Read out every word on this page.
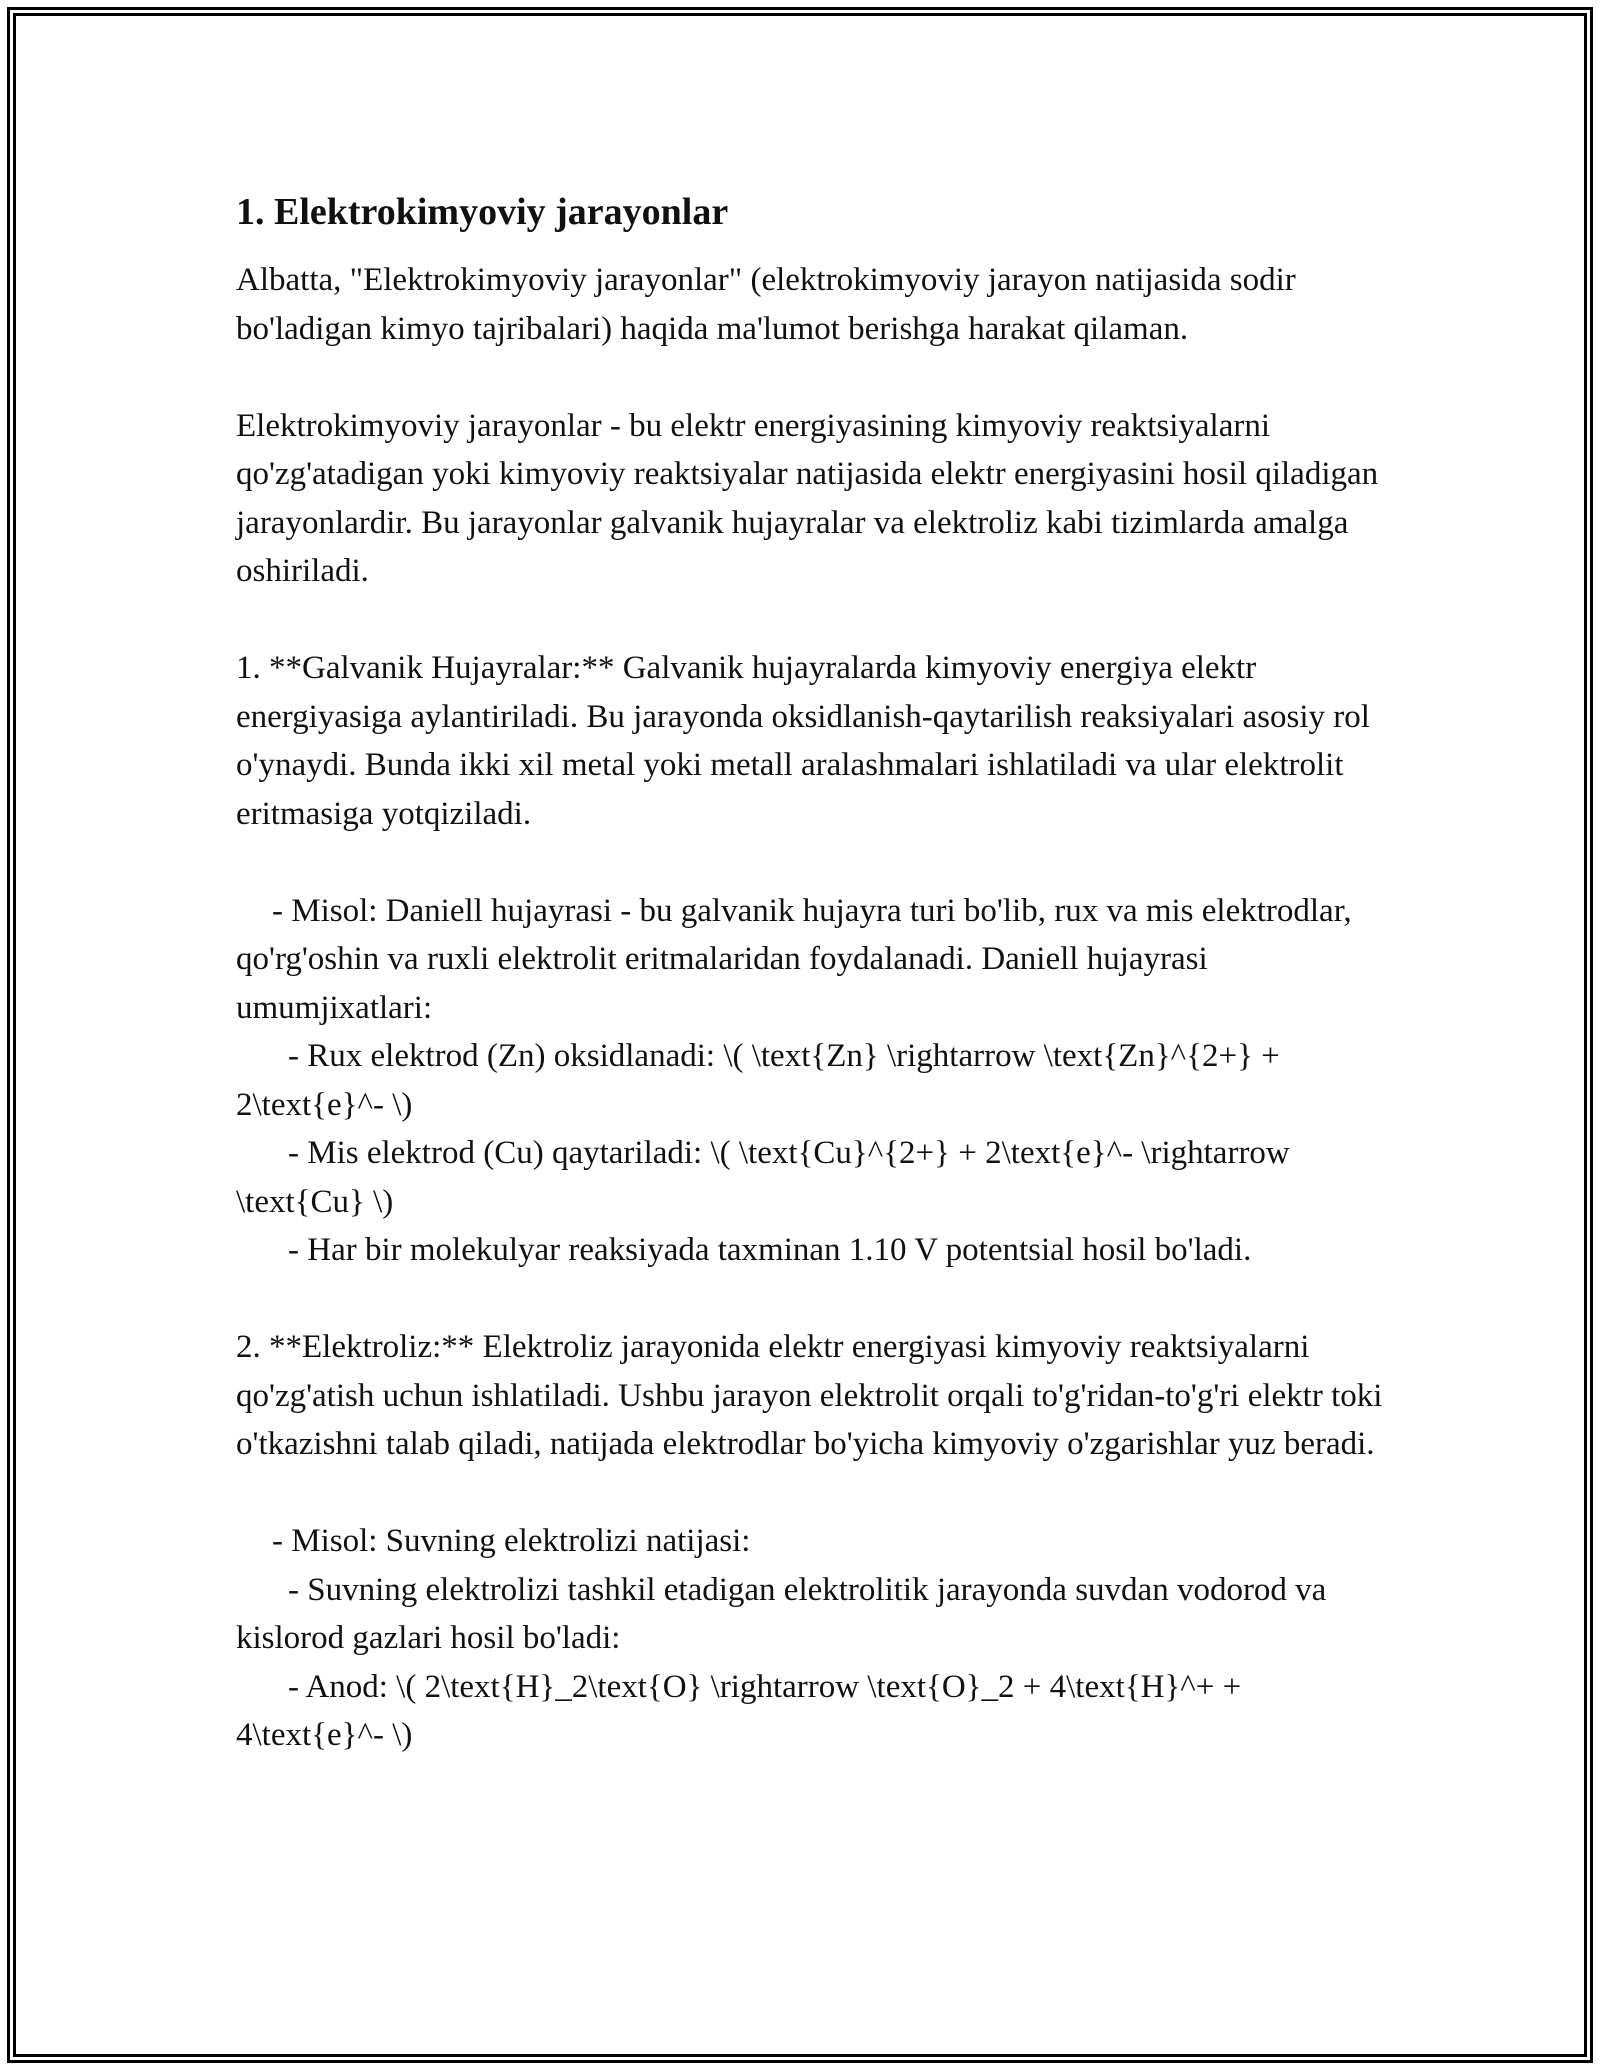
1. Elektrokimyoviy jarayonlar

Albatta, "Elektrokimyoviy jarayonlar" (elektrokimyoviy jarayon natijasida sodir bo'ladigan kimyo tajribalari) haqida ma'lumot berishga harakat qilaman.

Elektrokimyoviy jarayonlar - bu elektr energiyasining kimyoviy reaktsiyalarni qo'zg'atadigan yoki kimyoviy reaktsiyalar natijasida elektr energiyasini hosil qiladigan jarayonlardir. Bu jarayonlar galvanik hujayralar va elektroliz kabi tizimlarda amalga oshiriladi.

1. **Galvanik Hujayralar:** Galvanik hujayralarda kimyoviy energiya elektr energiyasiga aylantiriladi. Bu jarayonda oksidlanish-qaytarilish reaksiyalari asosiy rol o'ynaydi. Bunda ikki xil metal yoki metall aralashmalari ishlatiladi va ular elektrolit eritmasiga yotqiziladi.

- Misol: Daniell hujayrasi - bu galvanik hujayra turi bo'lib, rux va mis elektrodlar, qo'rg'oshin va ruxli elektrolit eritmalaridan foydalanadi. Daniell hujayrasi umumjixatlari:

- Rux elektrod (Zn) oksidlanadi: \( \text{Zn} \rightarrow \text{Zn}^{2+} + 2\text{e}^- \)

- Mis elektrod (Cu) qaytariladi: \( \text{Cu}^{2+} + 2\text{e}^- \rightarrow \text{Cu} \)

- Har bir molekulyar reaksiyada taxminan 1.10 V potentsial hosil bo'ladi.

2. **Elektroliz:** Elektroliz jarayonida elektr energiyasi kimyoviy reaktsiyalarni qo'zg'atish uchun ishlatiladi. Ushbu jarayon elektrolit orqali to'g'ridan-to'g'ri elektr toki o'tkazishni talab qiladi, natijada elektrodlar bo'yicha kimyoviy o'zgarishlar yuz beradi.

- Misol: Suvning elektrolizi natijasi:

- Suvning elektrolizi tashkil etadigan elektrolitik jarayonda suvdan vodorod va kislorod gazlari hosil bo'ladi:

- Anod: \( 2\text{H}_2\text{O} \rightarrow \text{O}_2 + 4\text{H}^+ + 4\text{e}^- \)
